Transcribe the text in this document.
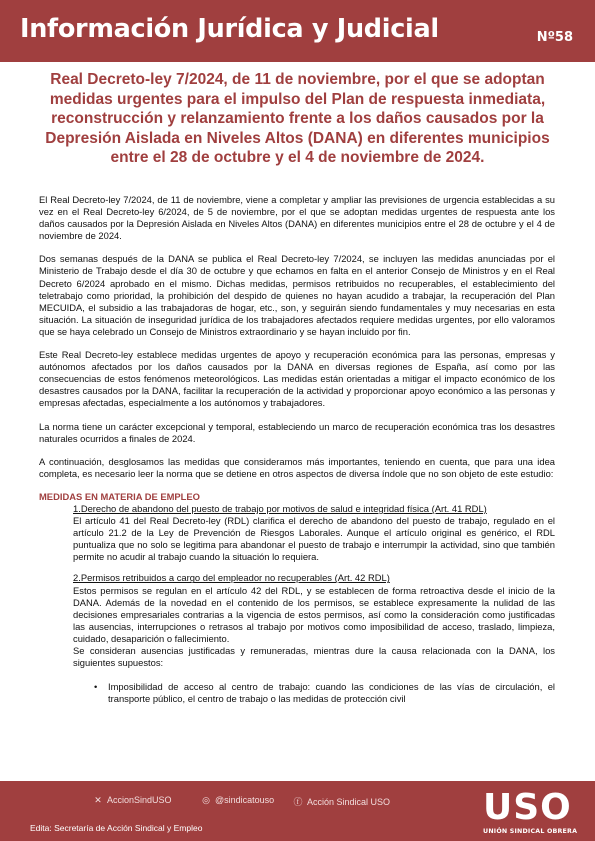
Información Jurídica y Judicial	Nº58
Real Decreto-ley 7/2024, de 11 de noviembre, por el que se adoptan medidas urgentes para el impulso del Plan de respuesta inmediata, reconstrucción y relanzamiento frente a los daños causados por la Depresión Aislada en Niveles Altos (DANA) en diferentes municipios entre el 28 de octubre y el 4 de noviembre de 2024.

El Real Decreto-ley 7/2024, de 11 de noviembre, viene a completar y ampliar las previsiones de urgencia establecidas a su vez en el Real Decreto-ley 6/2024, de 5 de noviembre, por el que se adoptan medidas urgentes de respuesta ante los daños causados por la Depresión Aislada en Niveles Altos (DANA) en diferentes municipios entre el 28 de octubre y el 4 de noviembre de 2024.

Dos semanas después de la DANA se publica el Real Decreto-ley 7/2024, se incluyen las medidas anunciadas por el Ministerio de Trabajo desde el día 30 de octubre y que echamos en falta en el anterior Consejo de Ministros y en el Real Decreto 6/2024 aprobado en el mismo. Dichas medidas, permisos retribuidos no recuperables, el establecimiento del teletrabajo como prioridad, la prohibición del despido de quienes no hayan acudido a trabajar, la recuperación del Plan MECUIDA, el subsidio a las trabajadoras de hogar, etc., son, y seguirán siendo fundamentales y muy necesarias en esta situación. La situación de inseguridad jurídica de los trabajadores afectados requiere medidas urgentes, por ello valoramos que se haya celebrado un Consejo de Ministros extraordinario y se hayan incluido por fin.

Este Real Decreto-ley establece medidas urgentes de apoyo y recuperación económica para las personas, empresas y autónomos afectados por los daños causados por la DANA en diversas regiones de España, así como por las consecuencias de estos fenómenos meteorológicos. Las medidas están orientadas a mitigar el impacto económico de los desastres causados por la DANA, facilitar la recuperación de la actividad y proporcionar apoyo económico a las personas y empresas afectadas, especialmente a los autónomos y trabajadores.

La norma tiene un carácter excepcional y temporal, estableciendo un marco de recuperación económica tras los desastres naturales ocurridos a finales de 2024.

A continuación, desglosamos las medidas que consideramos más importantes, teniendo en cuenta, que para una idea completa, es necesario leer la norma que se detiene en otros aspectos de diversa índole que no son objeto de este estudio:

MEDIDAS EN MATERIA DE EMPLEO
1.Derecho de abandono del puesto de trabajo por motivos de salud e integridad física (Art. 41 RDL)

El artículo 41 del Real Decreto-ley (RDL) clarifica el derecho de abandono del puesto de trabajo, regulado en el artículo 21.2 de la Ley de Prevención de Riesgos Laborales. Aunque el artículo original es genérico, el RDL puntualiza que no solo se legitima para abandonar el puesto de trabajo e interrumpir la actividad, sino que también permite no acudir al trabajo cuando la situación lo requiera.

2.Permisos retribuidos a cargo del empleador no recuperables (Art. 42 RDL)

Estos permisos se regulan en el artículo 42 del RDL, y se establecen de forma retroactiva desde el inicio de la DANA. Además de la novedad en el contenido de los permisos, se establece expresamente la nulidad de las decisiones empresariales contrarias a la vigencia de estos permisos, así como la consideración como justificadas las ausencias, interrupciones o retrasos al trabajo por motivos como imposibilidad de acceso, traslado, limpieza, cuidado, desaparición o fallecimiento.

Se consideran ausencias justificadas y remuneradas, mientras dure la causa relacionada con la DANA, los siguientes supuestos:

• Imposibilidad de acceso al centro de trabajo: cuando las condiciones de las vías de circulación, el transporte público, el centro de trabajo o las medidas de protección civil

✕ AccionSindUSO	◎ @sindicatouso ⓕ Acción Sindical USO
Edita: Secretaría de Acción Sindical y Empleo	USO
UNIÓN SINDICAL OBRERA
